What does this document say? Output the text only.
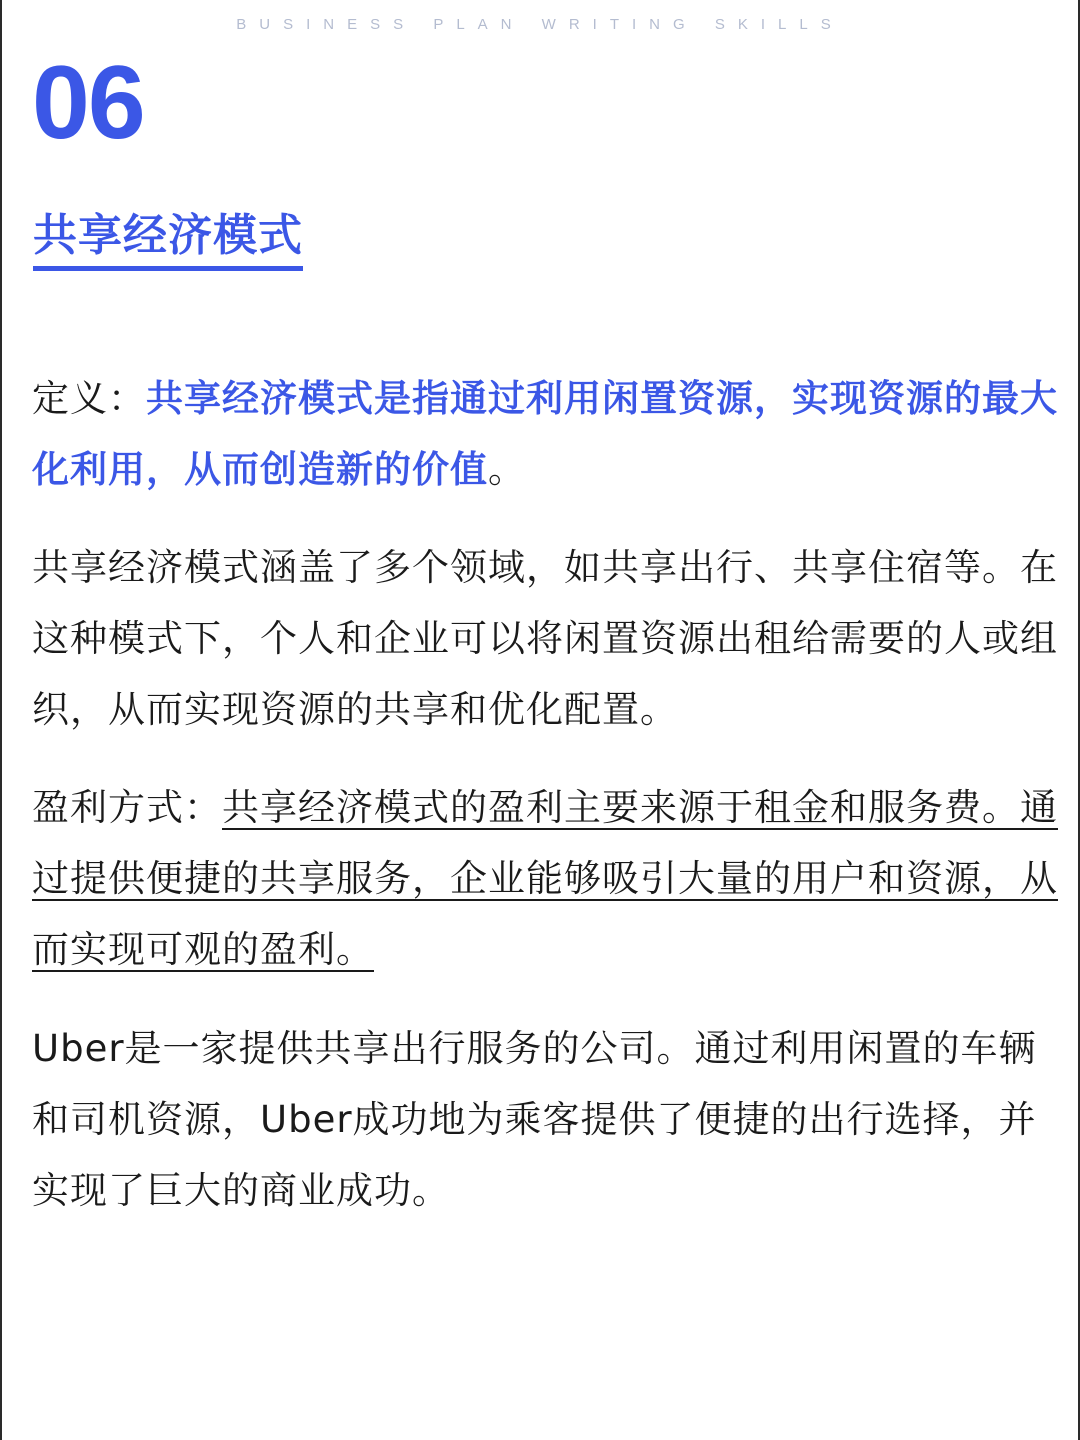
BUSINESS PLAN WRITING SKILLS
06
共享经济模式
定义：共享经济模式是指通过利用闲置资源，实现资源的最大化利用，从而创造新的价值。
共享经济模式涵盖了多个领域，如共享出行、共享住宿等。在这种模式下，个人和企业可以将闲置资源出租给需要的人或组织，从而实现资源的共享和优化配置。
盈利方式：共享经济模式的盈利主要来源于租金和服务费。通过提供便捷的共享服务，企业能够吸引大量的用户和资源，从而实现可观的盈利。
Uber是一家提供共享出行服务的公司。通过利用闲置的车辆和司机资源，Uber成功地为乘客提供了便捷的出行选择，并实现了巨大的商业成功。
